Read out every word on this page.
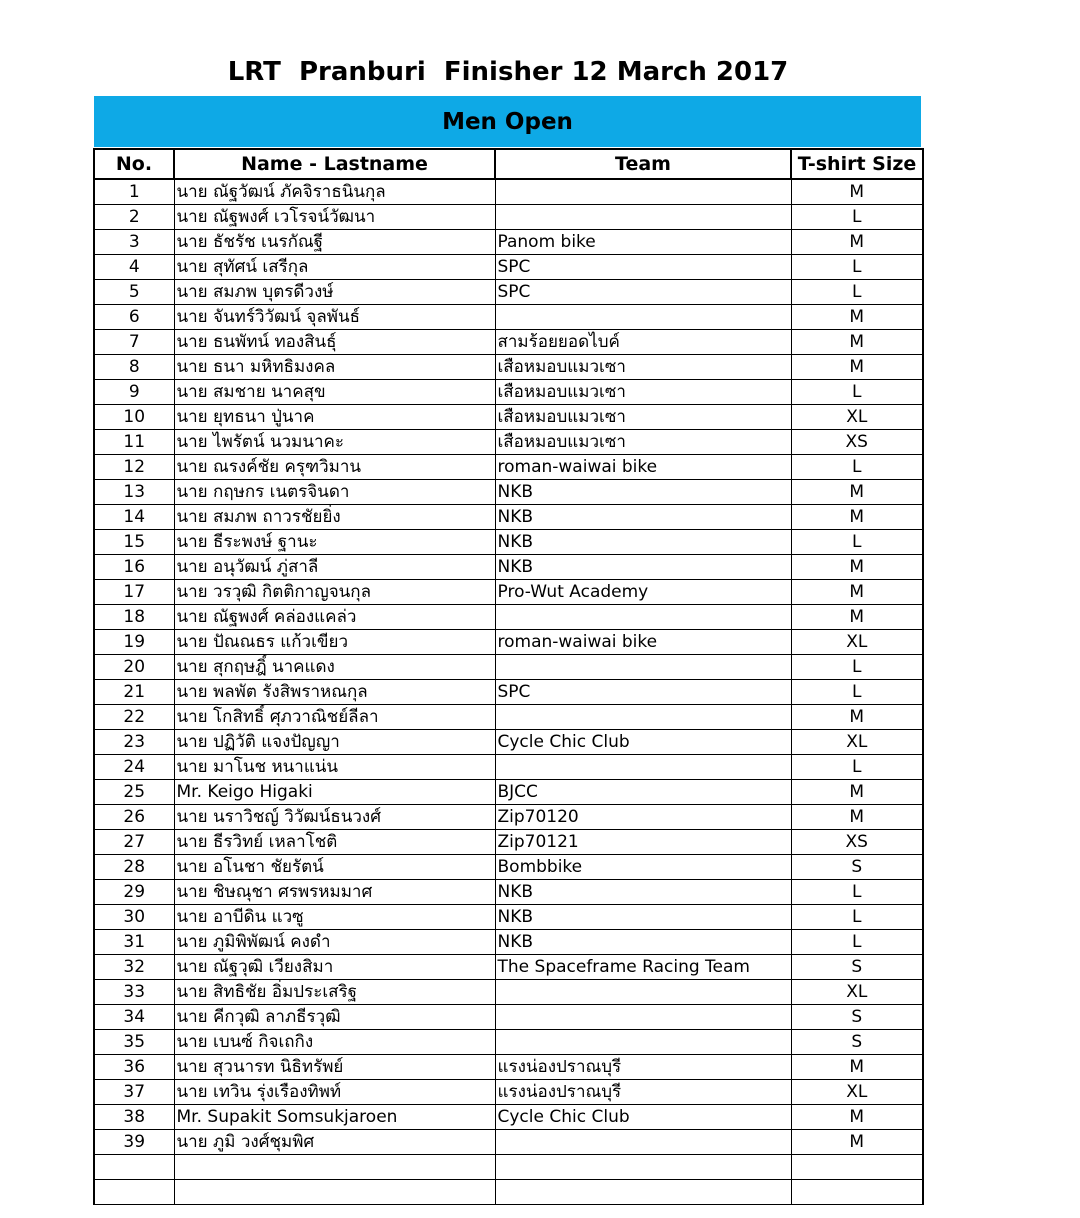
LRT  Pranburi  Finisher 12 March 2017
Men Open
No.	Name - Lastname	Team	T-shirt Size
1	นาย ณัฐวัฒน์ ภัคจิราธนินกุล		M
2	นาย ณัฐพงศ์ เวโรจน์วัฒนา		L
3	นาย ธัชรัช เนรกัณฐี	Panom bike	M
4	นาย สุทัศน์ เสรีกุล	SPC	L
5	นาย สมภพ บุตรดีวงษ์	SPC	L
6	นาย จันทร์วิวัฒน์ จุลพันธ์		M
7	นาย ธนพัทน์ ทองสินธุ์	สามร้อยยอดไบค์	M
8	นาย ธนา มหิทธิมงคล	เสือหมอบแมวเซา	M
9	นาย สมชาย นาคสุข	เสือหมอบแมวเซา	L
10	นาย ยุทธนา ปู่นาค	เสือหมอบแมวเซา	XL
11	นาย ไพรัตน์ นวมนาคะ	เสือหมอบแมวเซา	XS
12	นาย ณรงค์ชัย ครุฑวิมาน	roman-waiwai bike	L
13	นาย กฤษกร เนตรจินดา	NKB	M
14	นาย สมภพ ถาวรชัยยิ่ง	NKB	M
15	นาย ธีระพงษ์ ฐานะ	NKB	L
16	นาย อนุวัฒน์ ภู่สาลี	NKB	M
17	นาย วรวุฒิ กิตติกาญจนกุล	Pro-Wut Academy	M
18	นาย ณัฐพงศ์ คล่องแคล่ว		M
19	นาย ปัณณธร แก้วเขียว	roman-waiwai bike	XL
20	นาย สุกฤษฎิ์ นาคแดง		L
21	นาย พลพัต รังสิพราหณกุล	SPC	L
22	นาย โกสิทธิ์ ศุภวาณิชย์ลีลา		M
23	นาย ปฏิวัติ แจงปัญญา	Cycle Chic Club	XL
24	นาย มาโนช หนาแน่น		L
25	Mr. Keigo Higaki	BJCC	M
26	นาย นราวิชญ์ วิวัฒน์ธนวงศ์	Zip70120	M
27	นาย ธีรวิทย์ เหลาโชติ	Zip70121	XS
28	นาย อโนชา ชัยรัตน์	Bombbike	S
29	นาย ชิษณุชา ศรพรหมมาศ	NKB	L
30	นาย อาบีดิน แวซู	NKB	L
31	นาย ภูมิพิพัฒน์ คงดำ	NKB	L
32	นาย ณัฐวุฒิ เวียงสิมา	The Spaceframe Racing Team	S
33	นาย สิทธิชัย อิ่มประเสริฐ		XL
34	นาย คีกวุฒิ ลาภธีรวุฒิ		S
35	นาย เบนซ์ กิจเถกิง		S
36	นาย สุวนารท นิธิทรัพย์	แรงน่องปราณบุรี	M
37	นาย เทวิน รุ่งเรืองทิพท์	แรงน่องปราณบุรี	XL
38	Mr. Supakit Somsukjaroen	Cycle Chic Club	M
39	นาย ภูมิ วงศ์ชุมพิศ		M
